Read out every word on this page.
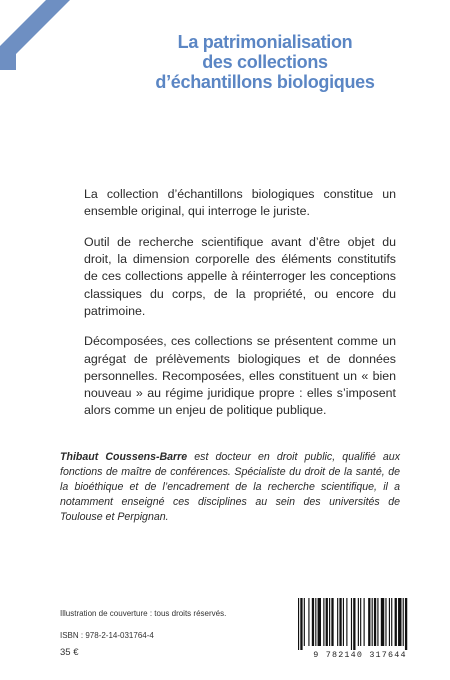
La patrimonialisation
des collections
d’échantillons biologiques

La collection d’échantillons biologiques constitue un ensemble original, qui interroge le juriste.

Outil de recherche scientifique avant d’être objet du droit, la dimension corporelle des éléments constitutifs de ces collections appelle à réinterroger les conceptions classiques du corps, de la propriété, ou encore du patrimoine.

Décomposées, ces collections se présentent comme un agrégat de prélèvements biologiques et de données personnelles. Recomposées, elles constituent un « bien nouveau » au régime juridique propre : elles s’imposent alors comme un enjeu de politique publique.

Thibaut Coussens-Barre est docteur en droit public, qualifié aux fonctions de maître de conférences. Spécialiste du droit de la santé, de la bioéthique et de l’encadrement de la recherche scientifique, il a notamment enseigné ces disciplines au sein des universités de Toulouse et Perpignan.
Illustration de couverture : tous droits réservés.
ISBN : 978-2-14-031764-4
35 €	9 782140 317644
